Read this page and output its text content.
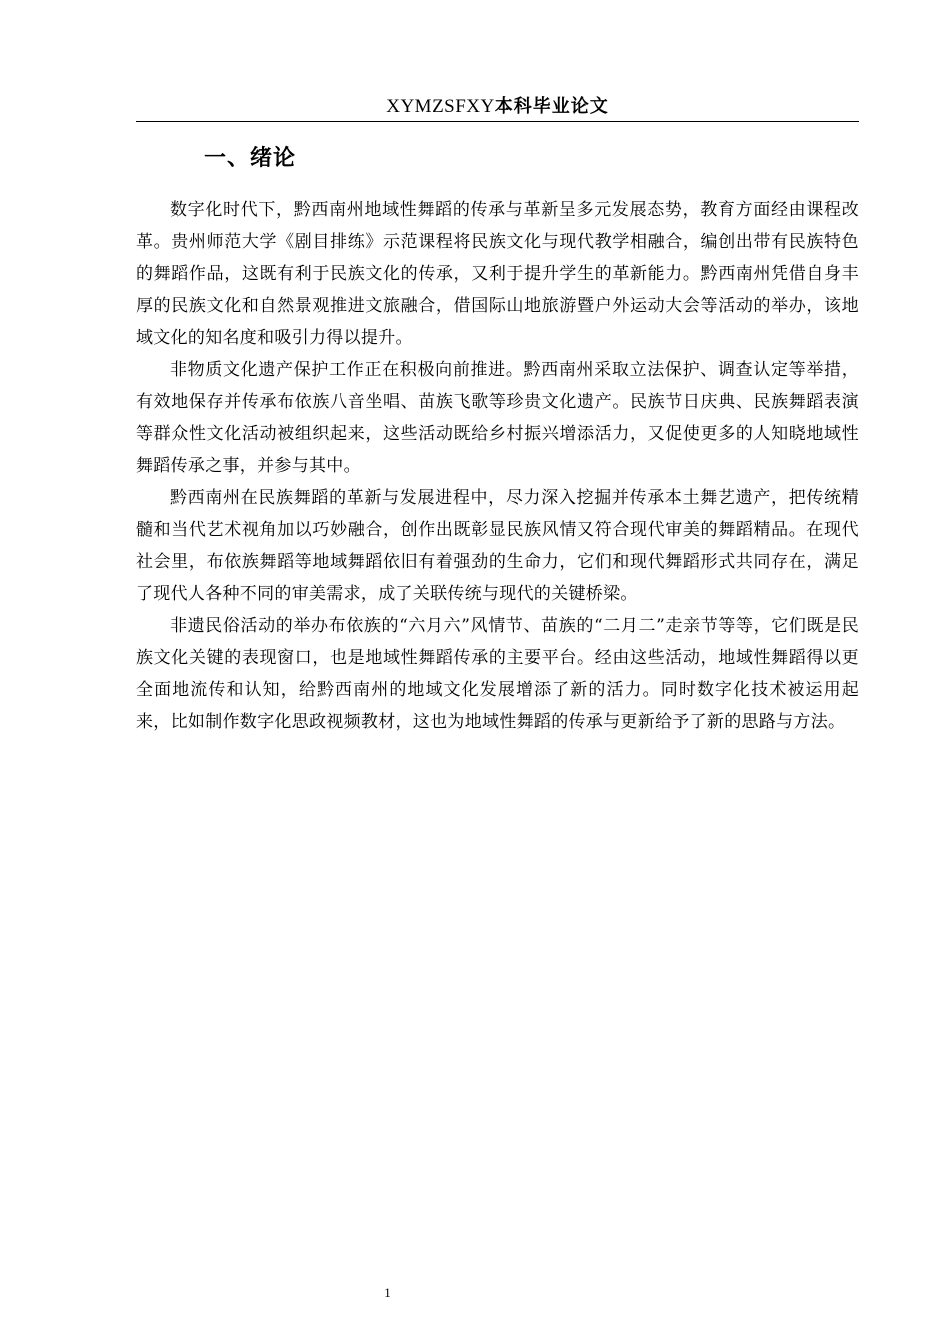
XYMZSFXY本科毕业论文
一、绪论

数字化时代下，黔西南州地域性舞蹈的传承与革新呈多元发展态势，教育方面经由课程改革。贵州师范大学《剧目排练》示范课程将民族文化与现代教学相融合，编创出带有民族特色的舞蹈作品，这既有利于民族文化的传承，又利于提升学生的革新能力。黔西南州凭借自身丰厚的民族文化和自然景观推进文旅融合，借国际山地旅游暨户外运动大会等活动的举办，该地域文化的知名度和吸引力得以提升。

非物质文化遗产保护工作正在积极向前推进。黔西南州采取立法保护、调查认定等举措，有效地保存并传承布依族八音坐唱、苗族飞歌等珍贵文化遗产。民族节日庆典、民族舞蹈表演等群众性文化活动被组织起来，这些活动既给乡村振兴增添活力，又促使更多的人知晓地域性舞蹈传承之事，并参与其中。

黔西南州在民族舞蹈的革新与发展进程中，尽力深入挖掘并传承本土舞艺遗产，把传统精髓和当代艺术视角加以巧妙融合，创作出既彰显民族风情又符合现代审美的舞蹈精品。在现代社会里，布依族舞蹈等地域舞蹈依旧有着强劲的生命力，它们和现代舞蹈形式共同存在，满足了现代人各种不同的审美需求，成了关联传统与现代的关键桥梁。

非遗民俗活动的举办布依族的“六月六”风情节、苗族的“二月二”走亲节等等，它们既是民族文化关键的表现窗口，也是地域性舞蹈传承的主要平台。经由这些活动，地域性舞蹈得以更全面地流传和认知，给黔西南州的地域文化发展增添了新的活力。同时数字化技术被运用起来，比如制作数字化思政视频教材，这也为地域性舞蹈的传承与更新给予了新的思路与方法。

1
